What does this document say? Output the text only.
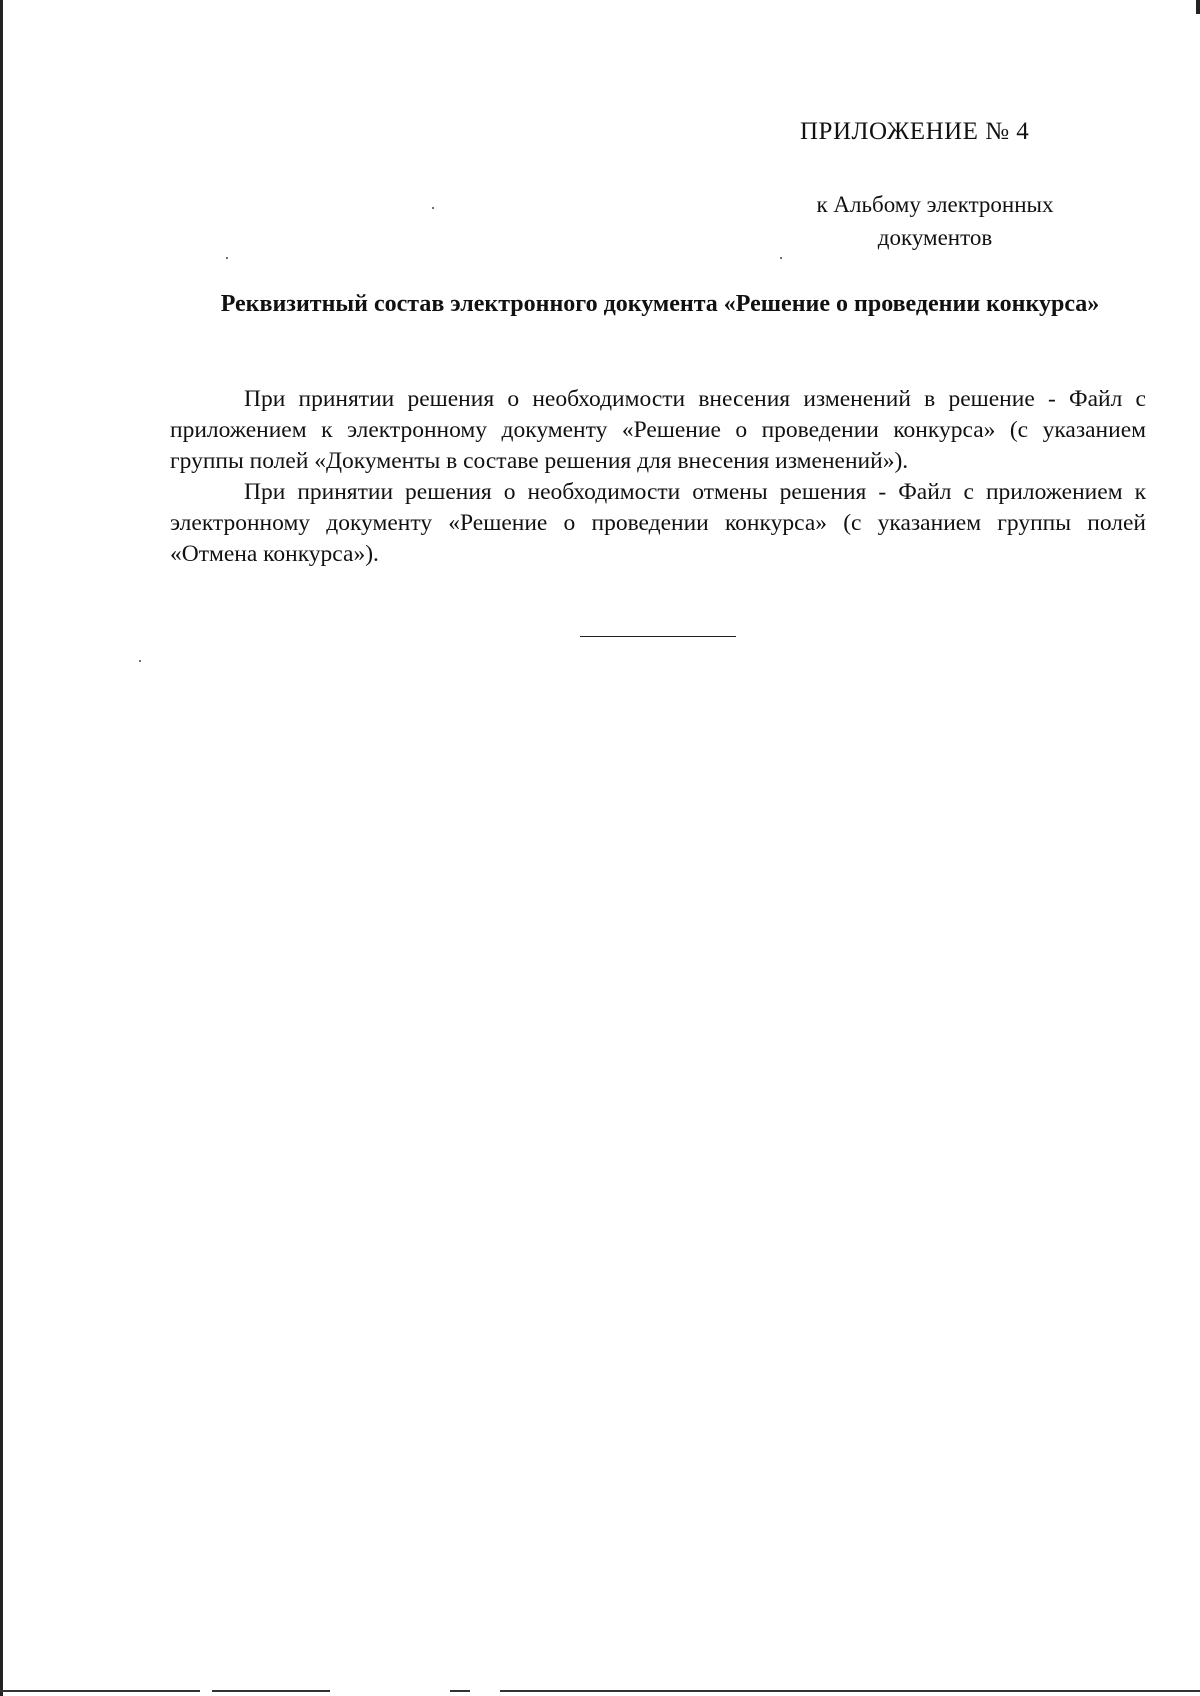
ПРИЛОЖЕНИЕ № 4
к Альбому электронных
документов
Реквизитный состав электронного документа «Решение о проведении конкурса»

При принятии решения о необходимости внесения изменений в решение - Файл с приложением к электронному документу «Решение о проведении конкурса» (с указанием группы полей «Документы в составе решения для внесения изменений»).

При принятии решения о необходимости отмены решения - Файл с приложением к электронному документу «Решение о проведении конкурса» (с указанием группы полей «Отмена конкурса»).
